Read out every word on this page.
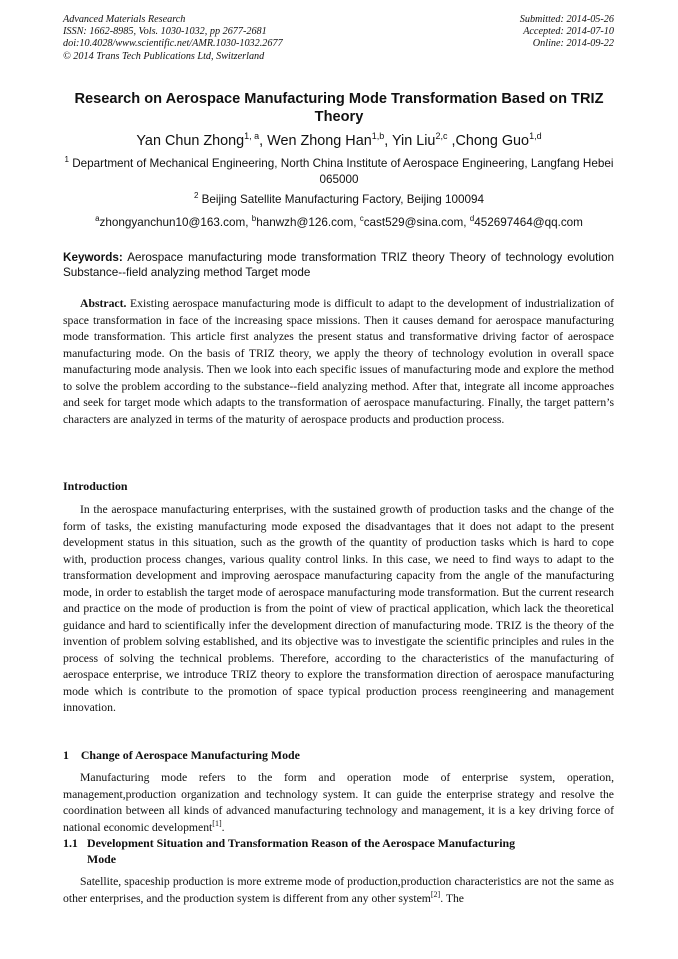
Advanced Materials Research
ISSN: 1662-8985, Vols. 1030-1032, pp 2677-2681
doi:10.4028/www.scientific.net/AMR.1030-1032.2677
© 2014 Trans Tech Publications Ltd, Switzerland
Submitted: 2014-05-26
Accepted: 2014-07-10
Online: 2014-09-22
Research on Aerospace Manufacturing Mode Transformation Based on TRIZ Theory
Yan Chun Zhong$^{1, a}$, Wen Zhong Han$^{1,b}$, Yin Liu$^{2,c}$ ,Chong Guo$^{1,d}$
$^1$ Department of Mechanical Engineering, North China Institute of Aerospace Engineering, Langfang Hebei 065000
$^2$ Beijing Satellite Manufacturing Factory, Beijing 100094
$^a$zhongyanchun10@163.com, $^b$hanwzh@126.com, $^c$cast529@sina.com, $^d$452697464@qq.com
Keywords: Aerospace manufacturing mode transformation TRIZ theory Theory of technology evolution Substance--field analyzing method Target mode
Abstract. Existing aerospace manufacturing mode is difficult to adapt to the development of industrialization of space transformation in face of the increasing space missions. Then it causes demand for aerospace manufacturing mode transformation. This article first analyzes the present status and transformative driving factor of aerospace manufacturing mode. On the basis of TRIZ theory, we apply the theory of technology evolution in overall space manufacturing mode analysis. Then we look into each specific issues of manufacturing mode and explore the method to solve the problem according to the substance--field analyzing method. After that, integrate all income approaches and seek for target mode which adapts to the transformation of aerospace manufacturing. Finally, the target pattern’s characters are analyzed in terms of the maturity of aerospace products and production process.
Introduction
In the aerospace manufacturing enterprises, with the sustained growth of production tasks and the change of the form of tasks, the existing manufacturing mode exposed the disadvantages that it does not adapt to the present development status in this situation, such as the growth of the quantity of production tasks which is hard to cope with, production process changes, various quality control links. In this case, we need to find ways to adapt to the transformation development and improving aerospace manufacturing capacity from the angle of the manufacturing mode, in order to establish the target mode of aerospace manufacturing mode transformation. But the current research and practice on the mode of production is from the point of view of practical application, which lack the theoretical guidance and hard to scientifically infer the development direction of manufacturing mode. TRIZ is the theory of the invention of problem solving established, and its objective was to investigate the scientific principles and rules in the process of solving the technical problems. Therefore, according to the characteristics of the manufacturing of aerospace enterprise, we introduce TRIZ theory to explore the transformation direction of aerospace manufacturing mode which is contribute to the promotion of space typical production process reengineering and management innovation.
1 Change of Aerospace Manufacturing Mode
Manufacturing mode refers to the form and operation mode of enterprise system, operation, management,production organization and technology system. It can guide the enterprise strategy and resolve the coordination between all kinds of advanced manufacturing technology and management, it is a key driving force of national economic development[1].
1.1 Development Situation and Transformation Reason of the Aerospace Manufacturing
Mode
Satellite, spaceship production is more extreme mode of production,production characteristics are not the same as other enterprises, and the production system is different from any other system[2]. The
